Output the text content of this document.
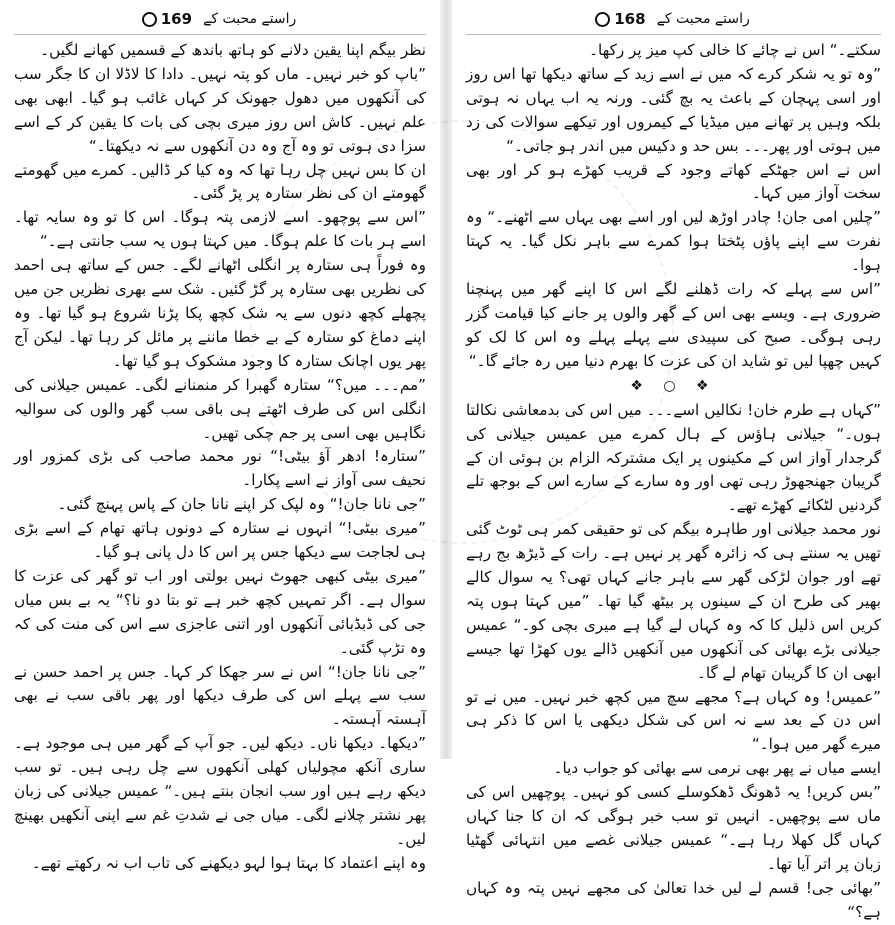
راستے محبت کے 169

نظر بیگم اپنا یقین دلانے کو ہاتھ باندھ کے قسمیں کھانے لگیں۔

”باپ کو خبر نہیں۔ ماں کو پتہ نہیں۔ دادا کا لاڈلا ان کا جگر سب کی آنکھوں میں دھول جھونک کر کہاں غائب ہو گیا۔ ابھی بھی علم نہیں۔ کاش اس روز میری بچی کی بات کا یقین کر کے اسے سزا دی ہوتی تو وہ آج وہ دن آنکھوں سے نہ دیکھتا۔“

ان کا بس نہیں چل رہا تھا کہ وہ کیا کر ڈالیں۔ کمرے میں گھومتے گھومتے ان کی نظر ستارہ پر پڑ گئی۔

”اس سے پوچھو۔ اسے لازمی پتہ ہوگا۔ اس کا تو وہ سایہ تھا۔ اسے ہر بات کا علم ہوگا۔ میں کہتا ہوں یہ سب جانتی ہے۔“

وہ فوراً ہی ستارہ پر انگلی اٹھانے لگے۔ جس کے ساتھ ہی احمد کی نظریں بھی ستارہ پر گڑ گئیں۔ شک سے بھری نظریں جن میں پچھلے کچھ دنوں سے یہ شک کچھ پکا پڑنا شروع ہو گیا تھا۔ وہ اپنے دماغ کو ستارہ کے بے خطا ماننے پر مائل کر رہا تھا۔ لیکن آج پھر یوں اچانک ستارہ کا وجود مشکوک ہو گیا تھا۔

”مم۔۔۔ میں؟“ ستارہ گھبرا کر منمنانے لگی۔ عمیس جیلانی کی انگلی اس کی طرف اٹھتے ہی باقی سب گھر والوں کی سوالیہ نگاہیں بھی اسی پر جم چکی تھیں۔

”ستارہ! ادھر آؤ بیٹی!“ نور محمد صاحب کی بڑی کمزور اور نحیف سی آواز نے اسے پکارا۔

”جی نانا جان!“ وہ لپک کر اپنے نانا جان کے پاس پہنچ گئی۔

”میری بیٹی!“ انہوں نے ستارہ کے دونوں ہاتھ تھام کے اسے بڑی ہی لجاجت سے دیکھا جس پر اس کا دل پانی ہو گیا۔

”میری بیٹی کبھی جھوٹ نہیں بولتی اور اب تو گھر کی عزت کا سوال ہے۔ اگر تمہیں کچھ خبر ہے تو بتا دو نا؟“ یہ بے بس میاں جی کی ڈبڈبائی آنکھوں اور اتنی عاجزی سے اس کی منت کی کہ وہ تڑپ گئی۔

”جی نانا جان!“ اس نے سر جھکا کر کہا۔ جس پر احمد حسن نے سب سے پہلے اس کی طرف دیکھا اور پھر باقی سب نے بھی آہستہ آہستہ۔

”دیکھا۔ دیکھا ناں۔ دیکھ لیں۔ جو آپ کے گھر میں ہی موجود ہے۔ ساری آنکھ مچولیاں کھلی آنکھوں سے چل رہی ہیں۔ تو سب دیکھ رہے ہیں اور سب انجان بنتے ہیں۔“ عمیس جیلانی کی زبان پھر نشتر چلانے لگی۔ میاں جی نے شدتِ غم سے اپنی آنکھیں بھینچ لیں۔

وہ اپنے اعتماد کا بہتا ہوا لہو دیکھنے کی تاب اب نہ رکھتے تھے۔

راستے محبت کے 168

سکتے۔“ اس نے چائے کا خالی کپ میز پر رکھا۔

”وہ تو یہ شکر کرے کہ میں نے اسے زید کے ساتھ دیکھا تھا اس روز اور اسی پہچان کے باعث یہ بچ گئی۔ ورنہ یہ اب یہاں نہ ہوتی بلکہ وہیں پر تھانے میں میڈیا کے کیمروں اور تیکھے سوالات کی زد میں ہوتی اور پھر۔۔۔ بس حد و دکیس میں اندر ہو جاتی۔“

اس نے اس جھٹکے کھاتے وجود کے قریب کھڑے ہو کر اور بھی سخت آواز میں کہا۔

”چلیں امی جان! چادر اوڑھ لیں اور اسے بھی یہاں سے اٹھنے۔“ وہ نفرت سے اپنے پاؤں پٹختا ہوا کمرے سے باہر نکل گیا۔ یہ کہتا ہوا۔

”اس سے پہلے کہ رات ڈھلنے لگے اس کا اپنے گھر میں پہنچنا ضروری ہے۔ ویسے بھی اس کے گھر والوں پر جانے کیا قیامت گزر رہی ہوگی۔ صبح کی سپیدی سے پہلے پہلے وہ اس کا لک کو کہیں چھپا لیں تو شاید ان کی عزت کا بھرم دنیا میں رہ جائے گا۔“

❖ ○ ❖

”کہاں ہے طرم خان! نکالیں اسے۔۔۔ میں اس کی بدمعاشی نکالتا ہوں۔“ جیلانی ہاؤس کے ہال کمرے میں عمیس جیلانی کی گرجدار آواز اس کے مکینوں پر ایک مشترکہ الزام بن ہوئی ان کے گریبان جھنجھوڑ رہی تھی اور وہ سارے کے سارے اس کے بوجھ تلے گردنیں لٹکائے کھڑے تھے۔

نور محمد جیلانی اور طاہرہ بیگم کی تو حقیقی کمر ہی ٹوٹ گئی تھیں یہ سنتے ہی کہ زائرہ گھر پر نہیں ہے۔ رات کے ڈیڑھ بج رہے تھے اور جوان لڑکی گھر سے باہر جانے کہاں تھی؟ یہ سوال کالے بھیر کی طرح ان کے سینوں پر بیٹھ گیا تھا۔ ”میں کہتا ہوں پتہ کریں اس ذلیل کا کہ وہ کہاں لے گیا ہے میری بچی کو۔“ عمیس جیلانی بڑے بھائی کی آنکھوں میں آنکھیں ڈالے یوں کھڑا تھا جیسے ابھی ان کا گریبان تھام لے گا۔

”عمیس! وہ کہاں ہے؟ مجھے سچ میں کچھ خبر نہیں۔ میں نے تو اس دن کے بعد سے نہ اس کی شکل دیکھی یا اس کا ذکر ہی میرے گھر میں ہوا۔“

ایسے میاں نے پھر بھی نرمی سے بھائی کو جواب دیا۔

”بس کریں! یہ ڈھونگ ڈھکوسلے کسی کو نہیں۔ پوچھیں اس کی ماں سے پوچھیں۔ انہیں تو سب خبر ہوگی کہ ان کا جنا کہاں کہاں گل کھلا رہا ہے۔“ عمیس جیلانی غصے میں انتہائی گھٹیا زبان پر اتر آیا تھا۔

”بھائی جی! قسم لے لیں خدا تعالیٰ کی مجھے نہیں پتہ وہ کہاں ہے؟“
